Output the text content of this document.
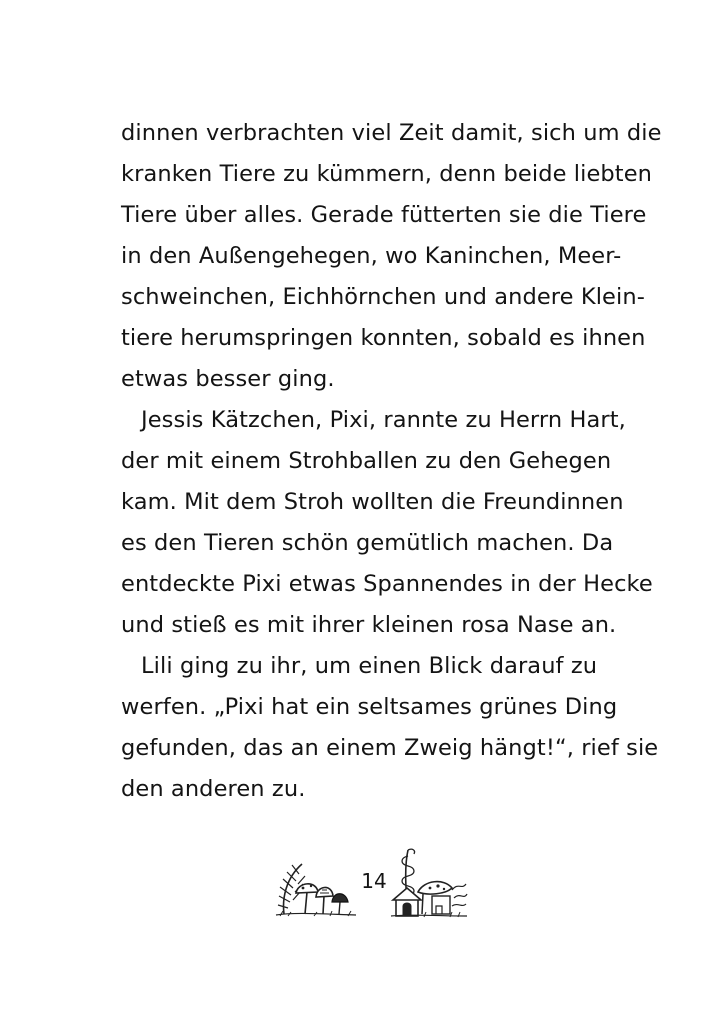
dinnen verbrachten viel Zeit damit, sich um die
kranken Tiere zu kümmern, denn beide liebten
Tiere über alles. Gerade fütterten sie die Tiere
in den Außengehegen, wo Kaninchen, Meer-
schweinchen, Eichhörnchen und andere Klein-
tiere herumspringen konnten, sobald es ihnen
etwas besser ging.
Jessis Kätzchen, Pixi, rannte zu Herrn Hart,
der mit einem Strohballen zu den Gehegen
kam. Mit dem Stroh wollten die Freundinnen
es den Tieren schön gemütlich machen. Da
entdeckte Pixi etwas Spannendes in der Hecke
und stieß es mit ihrer kleinen rosa Nase an.
Lili ging zu ihr, um einen Blick darauf zu
werfen. „Pixi hat ein seltsames grünes Ding
gefunden, das an einem Zweig hängt!“, rief sie
den anderen zu.
14
